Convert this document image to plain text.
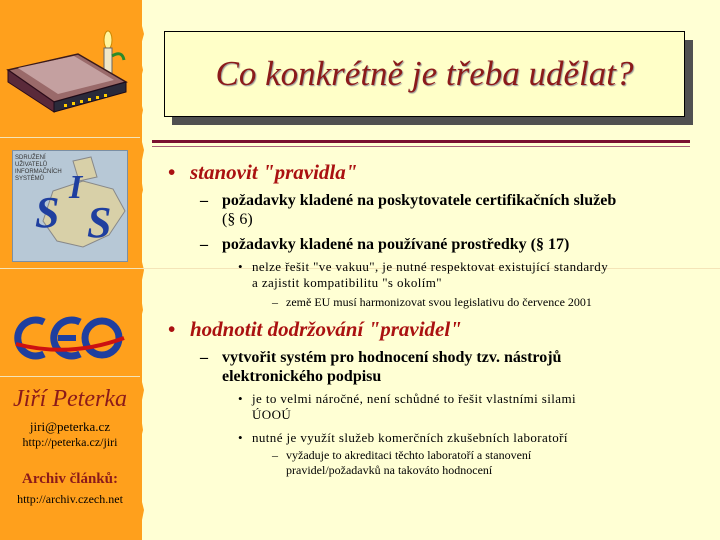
SDRUŽENÍ
UŽIVATELŮ
INFORMAČNÍCH
SYSTÉMŮ
S
I
S
Jiří Peterka
jiri@peterka.cz
http://peterka.cz/jiri
Archiv článků:
http://archiv.czech.net
Co konkrétně je třeba udělat?
• stanovit "pravidla"
– požadavky kladené na poskytovatele certifikačních služeb
(§ 6)
– požadavky kladené na používané prostředky (§ 17)
• nelze řešit "ve vakuu", je nutné respektovat existující standardy
a zajistit kompatibilitu "s okolím"
– země EU musí harmonizovat svou legislativu do července 2001
• hodnotit dodržování "pravidel"
– vytvořit systém pro hodnocení shody tzv. nástrojů
elektronického podpisu
• je to velmi náročné, není schůdné to řešit vlastními silami
ÚOOÚ
• nutné je využít služeb komerčních zkušebních laboratoří
– vyžaduje to akreditaci těchto laboratoří a stanovení
pravidel/požadavků na takováto hodnocení
